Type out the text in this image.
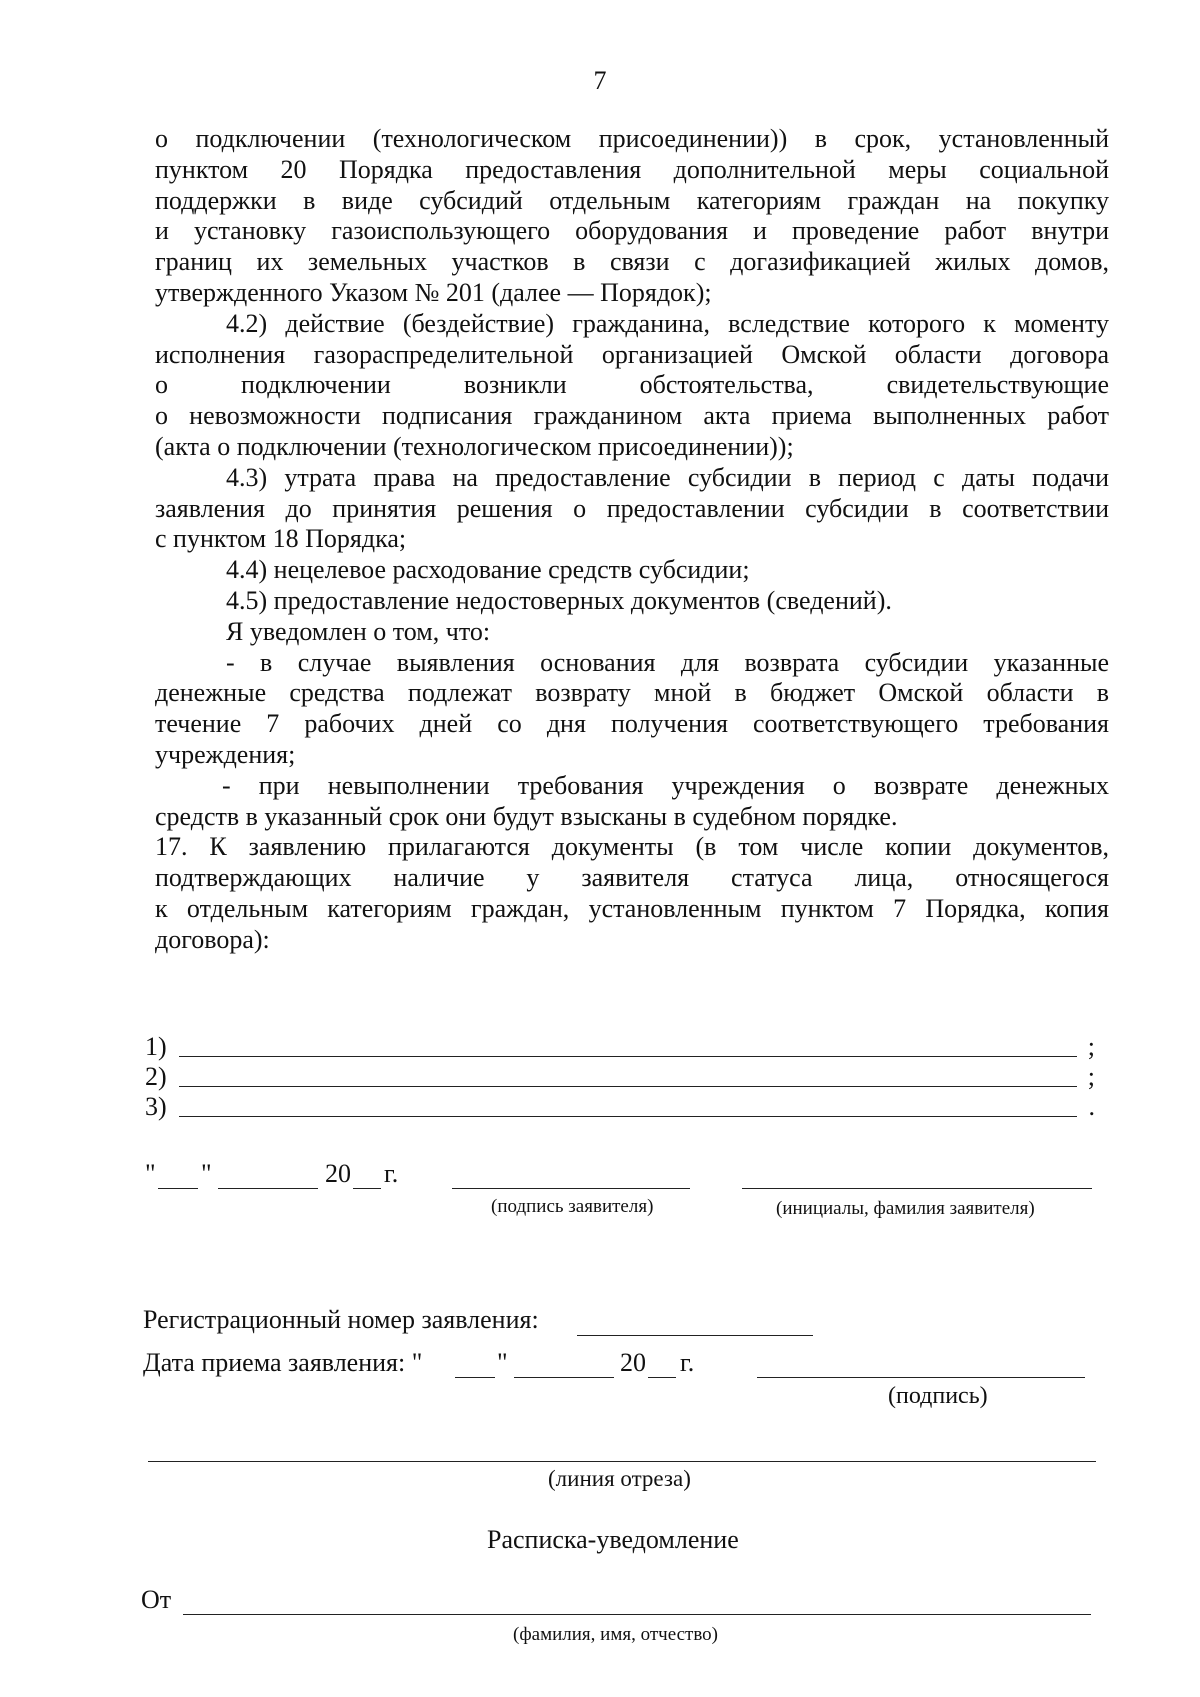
7
о подключении (технологическом присоединении)) в срок, установленный
пунктом 20 Порядка предоставления дополнительной меры социальной
поддержки в виде субсидий отдельным категориям граждан на покупку
и установку газоиспользующего оборудования и проведение работ внутри
границ их земельных участков в связи с догазификацией жилых домов,
утвержденного Указом № 201 (далее — Порядок);
4.2) действие (бездействие) гражданина, вследствие которого к моменту
исполнения газораспределительной организацией Омской области договора
о подключении возникли обстоятельства, свидетельствующие
о невозможности подписания гражданином акта приема выполненных работ
(акта о подключении (технологическом присоединении));
4.3) утрата права на предоставление субсидии в период с даты подачи
заявления до принятия решения о предоставлении субсидии в соответствии
с пунктом 18 Порядка;
4.4) нецелевое расходование средств субсидии;
4.5) предоставление недостоверных документов (сведений).
Я уведомлен о том, что:
- в случае выявления основания для возврата субсидии указанные
денежные средства подлежат возврату мной в бюджет Омской области в
течение 7 рабочих дней со дня получения соответствующего требования
учреждения;
- при невыполнении требования учреждения о возврате денежных
средств в указанный срок они будут взысканы в судебном порядке.
17. К заявлению прилагаются документы (в том числе копии документов,
подтверждающих наличие у заявителя статуса лица, относящегося
к отдельным категориям граждан, установленным пунктом 7 Порядка, копия
договора):
1)	;
2)	;
3)	.
" "	20 г.
(подпись заявителя)	(инициалы, фамилия заявителя)
Регистрационный номер заявления:
Дата приема заявления: "	"	20 г.
(подпись)
(линия отреза)
Расписка-уведомление
От
(фамилия, имя, отчество)
